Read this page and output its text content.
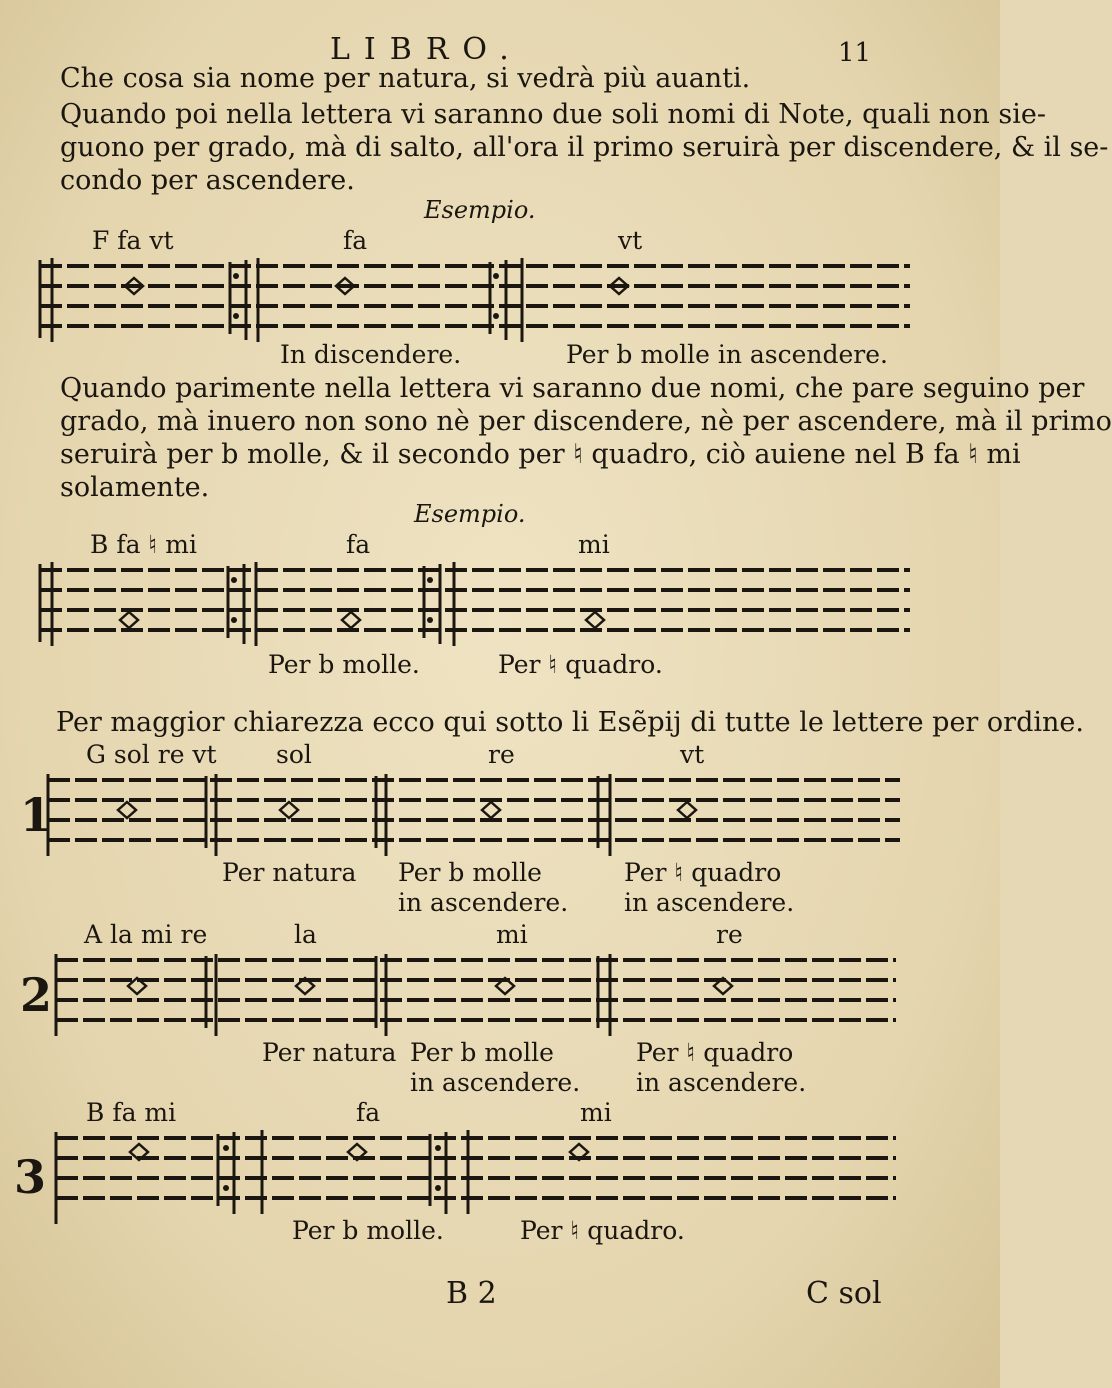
LIBRO.	11
Che cosa sia nome per natura, si vedrà più auanti.
Quando poi nella lettera vi saranno due soli nomi di Note, quali non sie-
guono per grado, mà di salto, all'ora il primo seruirà per discendere, & il se-
condo per ascendere.
Esempio.
F fa vt	fa	vt
In discendere.	Per b molle in ascendere.
Quando parimente nella lettera vi saranno due nomi, che pare seguino per
grado, mà inuero non sono nè per discendere, nè per ascendere, mà il primo
seruirà per b molle, & il secondo per ♮ quadro, ciò auiene nel B fa ♮ mi
solamente.
Esempio.
B fa ♮ mi	fa	mi
Per b molle.	Per ♮ quadro.
Per maggior chiarezza ecco qui sotto li Esẽpij di tutte le lettere per ordine.
G sol re vt sol	re	vt
1
Per natura Per b molle
in ascendere.
Per ♮ quadro
in ascendere.
A la mi re	la	mi	re
2
Per natura Per b molle
in ascendere.
Per ♮ quadro
in ascendere.
B fa mi	fa	mi
3
Per b molle.	Per ♮ quadro.
B 2	C sol
